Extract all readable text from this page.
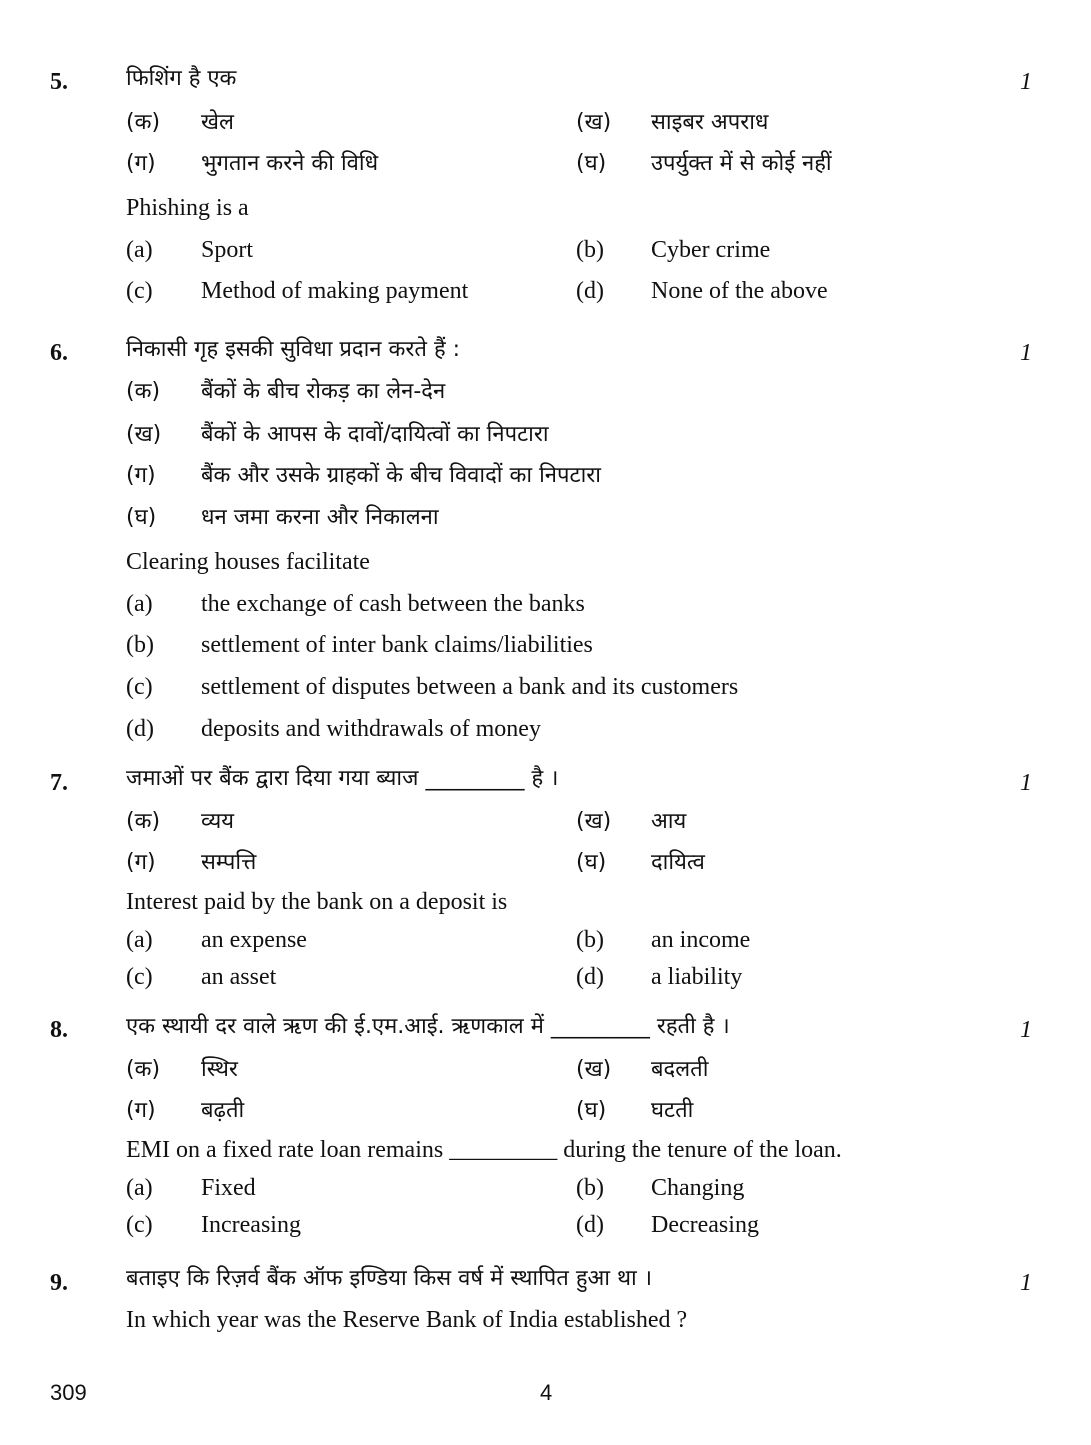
5.	फिशिंग है एक	1
(क) खेल	(ख) साइबर अपराध
(ग) भुगतान करने की विधि	(घ) उपर्युक्त में से कोई नहीं
Phishing is a
(a) Sport	(b) Cyber crime
(c) Method of making payment	(d) None of the above
6.	निकासी गृह इसकी सुविधा प्रदान करते हैं :	1
(क) बैंकों के बीच रोकड़ का लेन-देन
(ख) बैंकों के आपस के दावों/दायित्वों का निपटारा
(ग) बैंक और उसके ग्राहकों के बीच विवादों का निपटारा
(घ) धन जमा करना और निकालना
Clearing houses facilitate
(a) the exchange of cash between the banks
(b) settlement of inter bank claims/liabilities
(c) settlement of disputes between a bank and its customers
(d) deposits and withdrawals of money
7.	जमाओं पर बैंक द्वारा दिया गया ब्याज _________ है ।	1
(क) व्यय	(ख) आय
(ग) सम्पत्ति	(घ) दायित्व
Interest paid by the bank on a deposit is
(a) an expense	(b) an income
(c) an asset	(d) a liability
8.	एक स्थायी दर वाले ऋण की ई.एम.आई. ऋणकाल में _________ रहती है ।	1
(क) स्थिर	(ख) बदलती
(ग) बढ़ती	(घ) घटती
EMI on a fixed rate loan remains _________ during the tenure of the loan.
(a) Fixed	(b) Changing
(c) Increasing	(d) Decreasing
9.	बताइए कि रिज़र्व बैंक ऑफ इण्डिया किस वर्ष में स्थापित हुआ था ।	1
In which year was the Reserve Bank of India established ?
309	4
